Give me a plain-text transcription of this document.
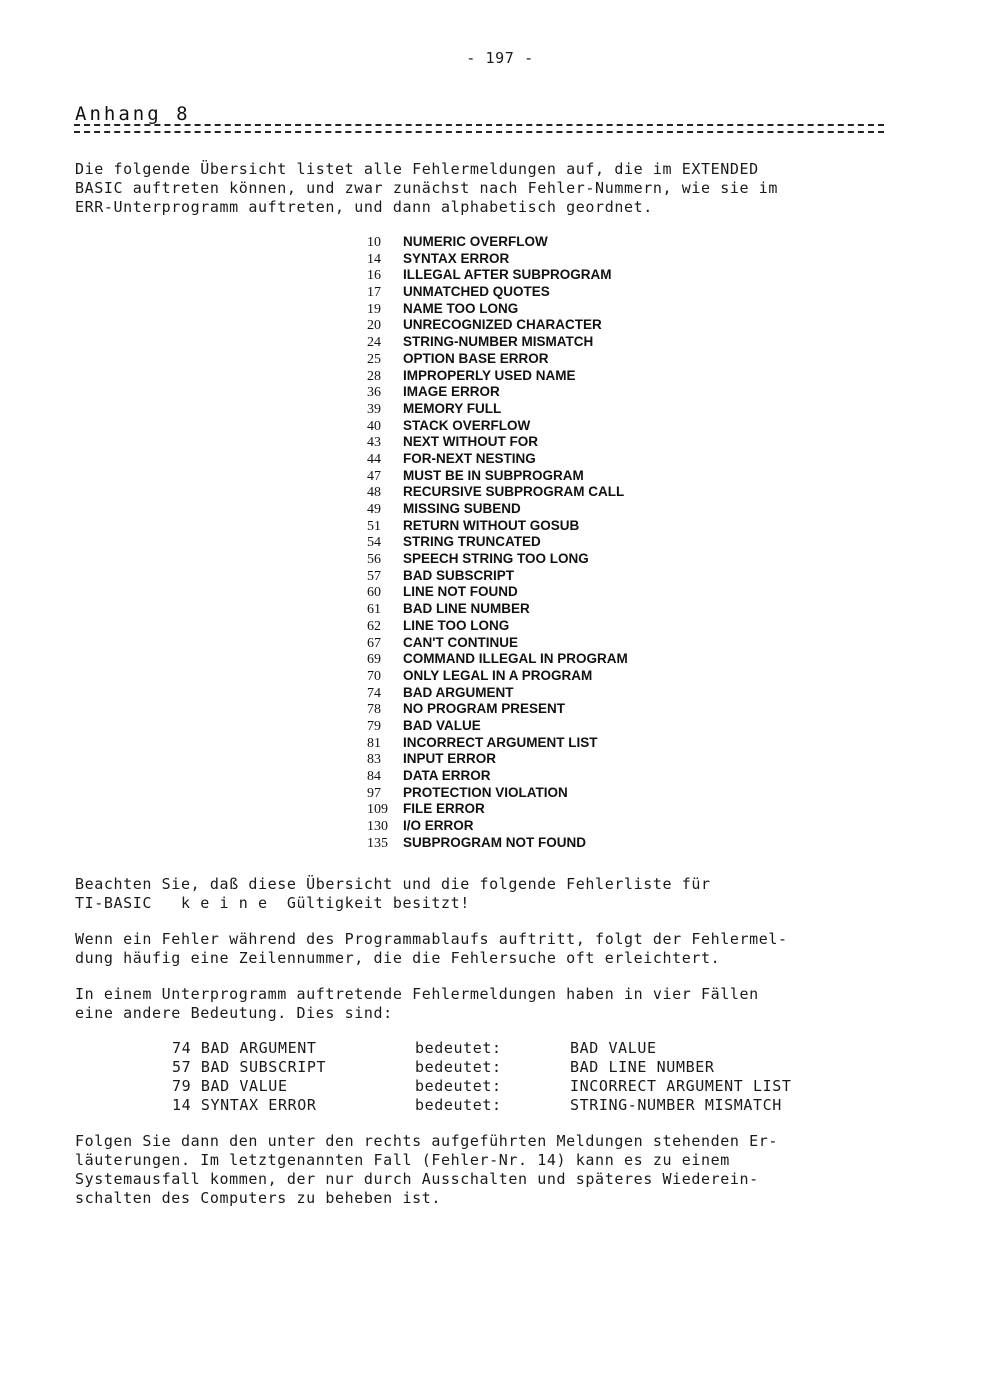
- 197 -
Anhang 8

Die folgende Übersicht listet alle Fehlermeldungen auf, die im EXTENDED
BASIC auftreten können, und zwar zunächst nach Fehler-Nummern, wie sie im
ERR-Unterprogramm auftreten, und dann alphabetisch geordnet.

10 NUMERIC OVERFLOW
14 SYNTAX ERROR
16 ILLEGAL AFTER SUBPROGRAM
17 UNMATCHED QUOTES
19 NAME TOO LONG
20 UNRECOGNIZED CHARACTER
24 STRING-NUMBER MISMATCH
25 OPTION BASE ERROR
28 IMPROPERLY USED NAME
36 IMAGE ERROR
39 MEMORY FULL
40 STACK OVERFLOW
43 NEXT WITHOUT FOR
44 FOR-NEXT NESTING
47 MUST BE IN SUBPROGRAM
48 RECURSIVE SUBPROGRAM CALL
49 MISSING SUBEND
51 RETURN WITHOUT GOSUB
54 STRING TRUNCATED
56 SPEECH STRING TOO LONG
57 BAD SUBSCRIPT
60 LINE NOT FOUND
61 BAD LINE NUMBER
62 LINE TOO LONG
67 CAN'T CONTINUE
69 COMMAND ILLEGAL IN PROGRAM
70 ONLY LEGAL IN A PROGRAM
74 BAD ARGUMENT
78 NO PROGRAM PRESENT
79 BAD VALUE
81 INCORRECT ARGUMENT LIST
83 INPUT ERROR
84 DATA ERROR
97 PROTECTION VIOLATION
109 FILE ERROR
130 I/O ERROR
135 SUBPROGRAM NOT FOUND

Beachten Sie, daß diese Übersicht und die folgende Fehlerliste für
TI-BASIC   k e i n e  Gültigkeit besitzt!

Wenn ein Fehler während des Programmablaufs auftritt, folgt der Fehlermel-
dung häufig eine Zeilennummer, die die Fehlersuche oft erleichtert.

In einem Unterprogramm auftretende Fehlermeldungen haben in vier Fällen
eine andere Bedeutung. Dies sind:

74 BAD ARGUMENT	bedeutet:	BAD VALUE
57 BAD SUBSCRIPT	bedeutet:	BAD LINE NUMBER
79 BAD VALUE	bedeutet:	INCORRECT ARGUMENT LIST
14 SYNTAX ERROR	bedeutet:	STRING-NUMBER MISMATCH

Folgen Sie dann den unter den rechts aufgeführten Meldungen stehenden Er-
läuterungen. Im letztgenannten Fall (Fehler-Nr. 14) kann es zu einem
Systemausfall kommen, der nur durch Ausschalten und späteres Wiederein-
schalten des Computers zu beheben ist.
